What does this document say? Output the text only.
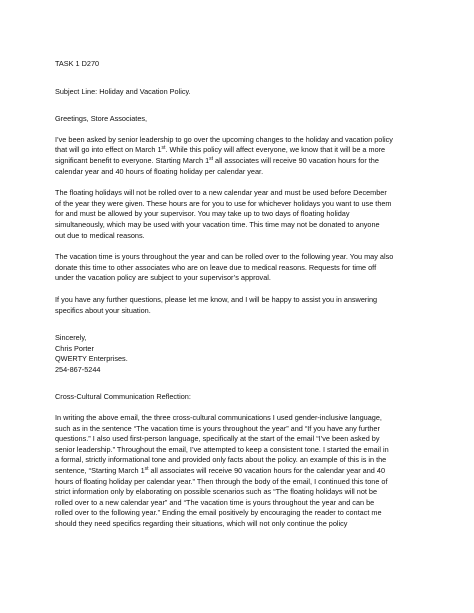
TASK 1 D270
Subject Line: Holiday and Vacation Policy.
Greetings, Store Associates,
I’ve been asked by senior leadership to go over the upcoming changes to the holiday and vacation policy
that will go into effect on March 1st. While this policy will affect everyone, we know that it will be a more
significant benefit to everyone. Starting March 1st all associates will receive 90 vacation hours for the
calendar year and 40 hours of floating holiday per calendar year.
The floating holidays will not be rolled over to a new calendar year and must be used before December
of the year they were given. These hours are for you to use for whichever holidays you want to use them
for and must be allowed by your supervisor. You may take up to two days of floating holiday
simultaneously, which may be used with your vacation time. This time may not be donated to anyone
out due to medical reasons.
The vacation time is yours throughout the year and can be rolled over to the following year. You may also
donate this time to other associates who are on leave due to medical reasons. Requests for time off
under the vacation policy are subject to your supervisor’s approval.
If you have any further questions, please let me know, and I will be happy to assist you in answering
specifics about your situation.
Sincerely,
Chris Porter
QWERTY Enterprises.
254-867-5244
Cross-Cultural Communication Reflection:
In writing the above email, the three cross-cultural communications I used gender-inclusive language,
such as in the sentence “The vacation time is yours throughout the year” and “If you have any further
questions.” I also used first-person language, specifically at the start of the email “I’ve been asked by
senior leadership.” Throughout the email, I’ve attempted to keep a consistent tone. I started the email in
a formal, strictly informational tone and provided only facts about the policy. an example of this is in the
sentence, “Starting March 1st all associates will receive 90 vacation hours for the calendar year and 40
hours of floating holiday per calendar year.” Then through the body of the email, I continued this tone of
strict information only by elaborating on possible scenarios such as “The floating holidays will not be
rolled over to a new calendar year” and “The vacation time is yours throughout the year and can be
rolled over to the following year.” Ending the email positively by encouraging the reader to contact me
should they need specifics regarding their situations, which will not only continue the policy
